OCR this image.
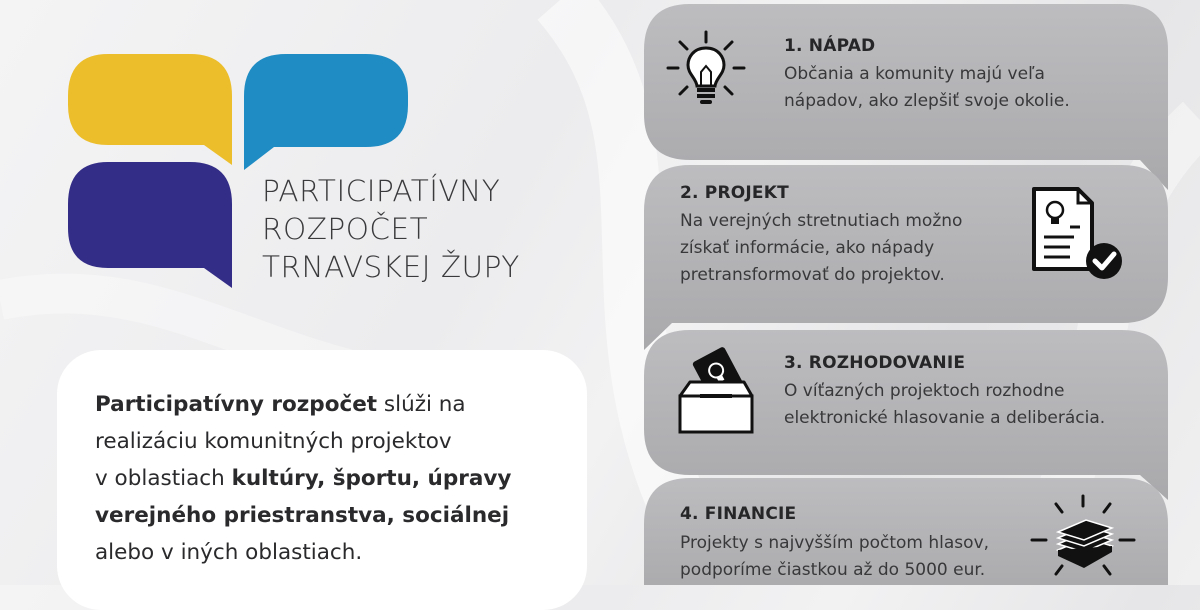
PARTICIPATÍVNY
ROZPOČET
TRNAVSKEJ ŽUPY
Participatívny rozpočet slúži na
realizáciu komunitných projektov
v oblastiach kultúry, športu, úpravy
verejného priestranstva, sociálnej
alebo v iných oblastiach.
1. NÁPAD
Občania a komunity majú veľa
nápadov, ako zlepšiť svoje okolie.
2. PROJEKT
Na verejných stretnutiach možno
získať informácie, ako nápady
pretransformovať do projektov.
3. ROZHODOVANIE
O víťazných projektoch rozhodne
elektronické hlasovanie a deliberácia.
4. FINANCIE
Projekty s najvyšším počtom hlasov,
podporíme čiastkou až do 5000 eur.
